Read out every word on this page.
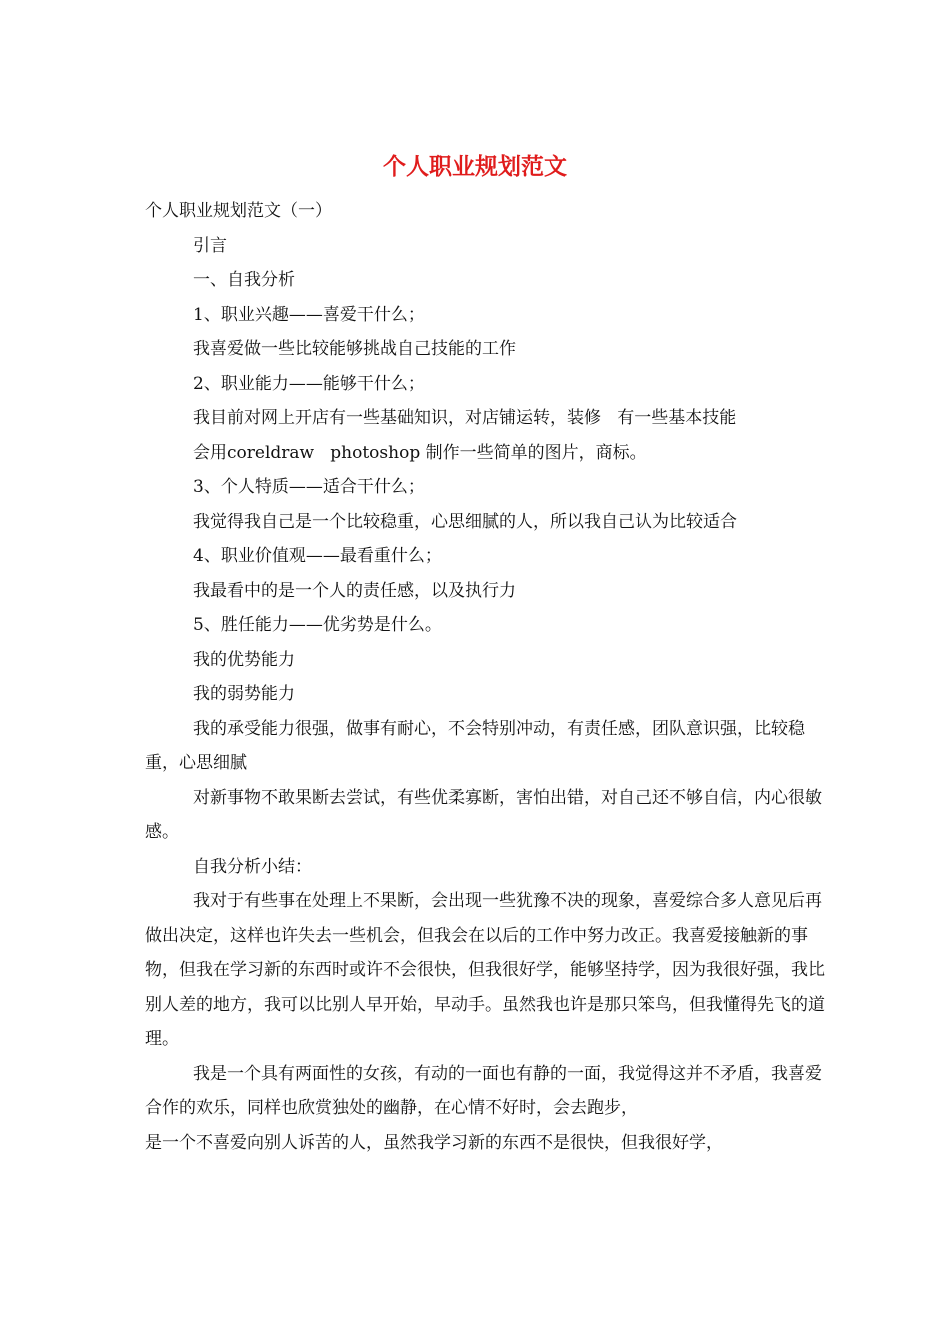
个人职业规划范文

个人职业规划范文（一）

引言

一、自我分析

1、职业兴趣——喜爱干什么；

我喜爱做一些比较能够挑战自己技能的工作

2、职业能力——能够干什么；

我目前对网上开店有一些基础知识，对店铺运转，装修   有一些基本技能

会用coreldraw   photoshop 制作一些简单的图片，商标。

3、个人特质——适合干什么；

我觉得我自己是一个比较稳重，心思细腻的人，所以我自己认为比较适合

4、职业价值观——最看重什么；

我最看中的是一个人的责任感，以及执行力

5、胜任能力——优劣势是什么。

我的优势能力

我的弱势能力

我的承受能力很强，做事有耐心，不会特别冲动，有责任感，团队意识强，比较稳重，心思细腻

对新事物不敢果断去尝试，有些优柔寡断，害怕出错，对自己还不够自信，内心很敏感。

自我分析小结：

我对于有些事在处理上不果断，会出现一些犹豫不决的现象，喜爱综合多人意见后再做出决定，这样也许失去一些机会，但我会在以后的工作中努力改正。我喜爱接触新的事物，但我在学习新的东西时或许不会很快，但我很好学，能够坚持学，因为我很好强，我比别人差的地方，我可以比别人早开始，早动手。虽然我也许是那只笨鸟，但我懂得先飞的道理。

我是一个具有两面性的女孩，有动的一面也有静的一面，我觉得这并不矛盾，我喜爱合作的欢乐，同样也欣赏独处的幽静，在心情不好时，会去跑步，

是一个不喜爱向别人诉苦的人，虽然我学习新的东西不是很快，但我很好学，
